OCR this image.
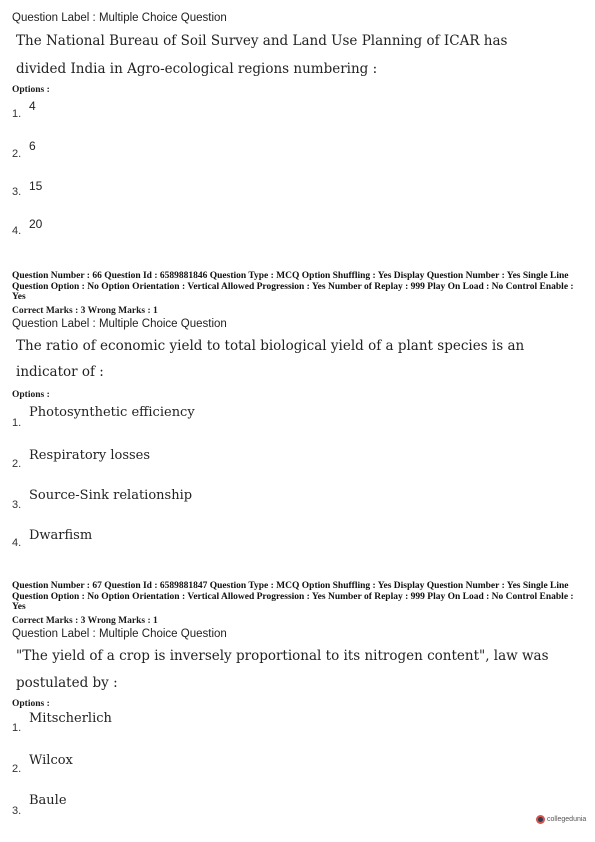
Question Label : Multiple Choice Question
The National Bureau of Soil Survey and Land Use Planning of ICAR has
divided India in Agro-ecological regions numbering :
Options :
1.
4
2.
6
3. 15
4. 20
Question Number : 66 Question Id : 6589881846 Question Type : MCQ Option Shuffling : Yes Display Question Number : Yes Single Line Question Option : No Option Orientation : Vertical Allowed Progression : Yes Number of Replay : 999 Play On Load : No Control Enable : Yes
Correct Marks : 3 Wrong Marks : 1
Question Label : Multiple Choice Question
The ratio of economic yield to total biological yield of a plant species is an
indicator of :
Options :
1.
Photosynthetic efficiency
2.
Respiratory losses
3.
Source-Sink relationship
4. Dwarfism
Question Number : 67 Question Id : 6589881847 Question Type : MCQ Option Shuffling : Yes Display Question Number : Yes Single Line Question Option : No Option Orientation : Vertical Allowed Progression : Yes Number of Replay : 999 Play On Load : No Control Enable : Yes
Correct Marks : 3 Wrong Marks : 1
Question Label : Multiple Choice Question
"The yield of a crop is inversely proportional to its nitrogen content", law was
postulated by :
Options :
1.
Mitscherlich
2.
Wilcox
3.
Baule
collegedunia
